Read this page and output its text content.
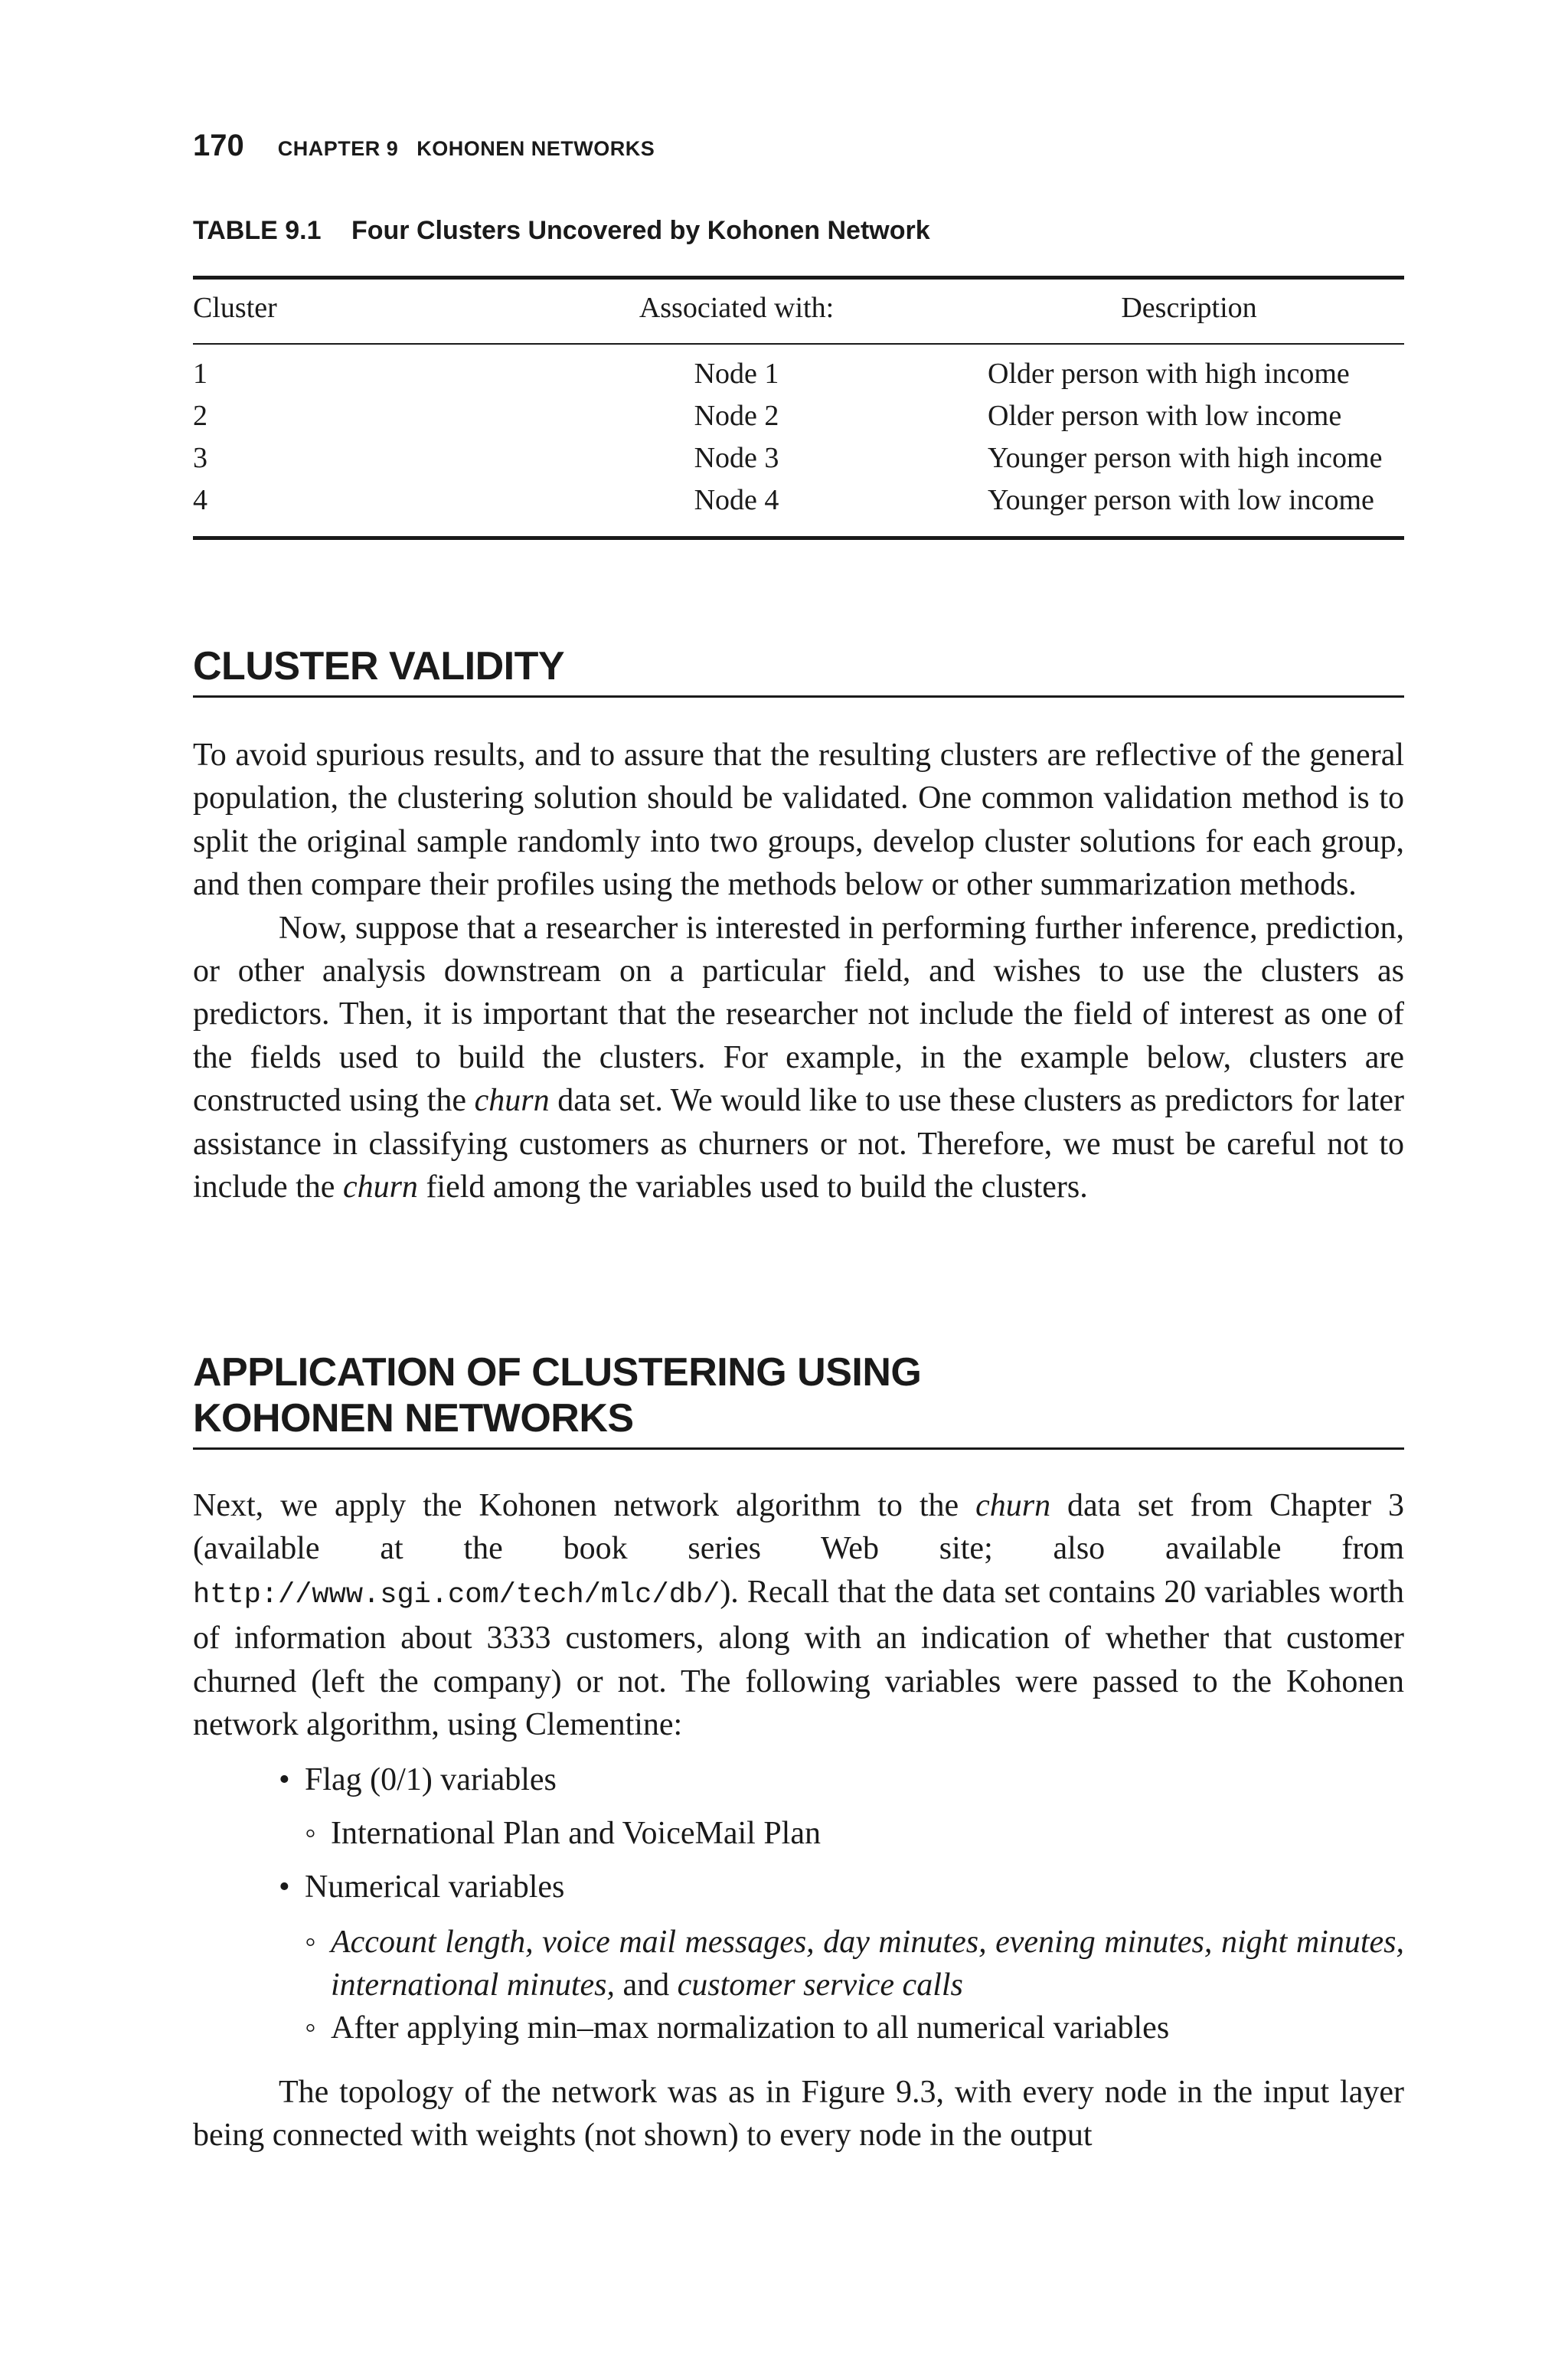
170 CHAPTER 9   KOHONEN NETWORKS
TABLE 9.1 Four Clusters Uncovered by Kohonen Network
Cluster	Associated with:	Description
1	Node 1	Older person with high income
2	Node 2	Older person with low income
3	Node 3	Younger person with high income
4	Node 4	Younger person with low income
CLUSTER VALIDITY

To avoid spurious results, and to assure that the resulting clusters are reflective of the general population, the clustering solution should be validated. One common validation method is to split the original sample randomly into two groups, develop cluster solutions for each group, and then compare their profiles using the methods below or other summarization methods.

Now, suppose that a researcher is interested in performing further inference, prediction, or other analysis downstream on a particular field, and wishes to use the clusters as predictors. Then, it is important that the researcher not include the field of interest as one of the fields used to build the clusters. For example, in the example below, clusters are constructed using the churn data set. We would like to use these clusters as predictors for later assistance in classifying customers as churners or not. Therefore, we must be careful not to include the churn field among the variables used to build the clusters.

APPLICATION OF CLUSTERING USING
KOHONEN NETWORKS

Next, we apply the Kohonen network algorithm to the churn data set from Chapter 3 (available at the book series Web site; also available from http://www.sgi.com/tech/mlc/db/). Recall that the data set contains 20 variables worth of information about 3333 customers, along with an indication of whether that customer churned (left the company) or not. The following variables were passed to the Kohonen network algorithm, using Clementine:

• Flag (0/1) variables
◦ International Plan and VoiceMail Plan
• Numerical variables
◦ Account length, voice mail messages, day minutes, evening minutes, night minutes, international minutes, and customer service calls
◦ After applying min–max normalization to all numerical variables

The topology of the network was as in Figure 9.3, with every node in the input layer being connected with weights (not shown) to every node in the output
